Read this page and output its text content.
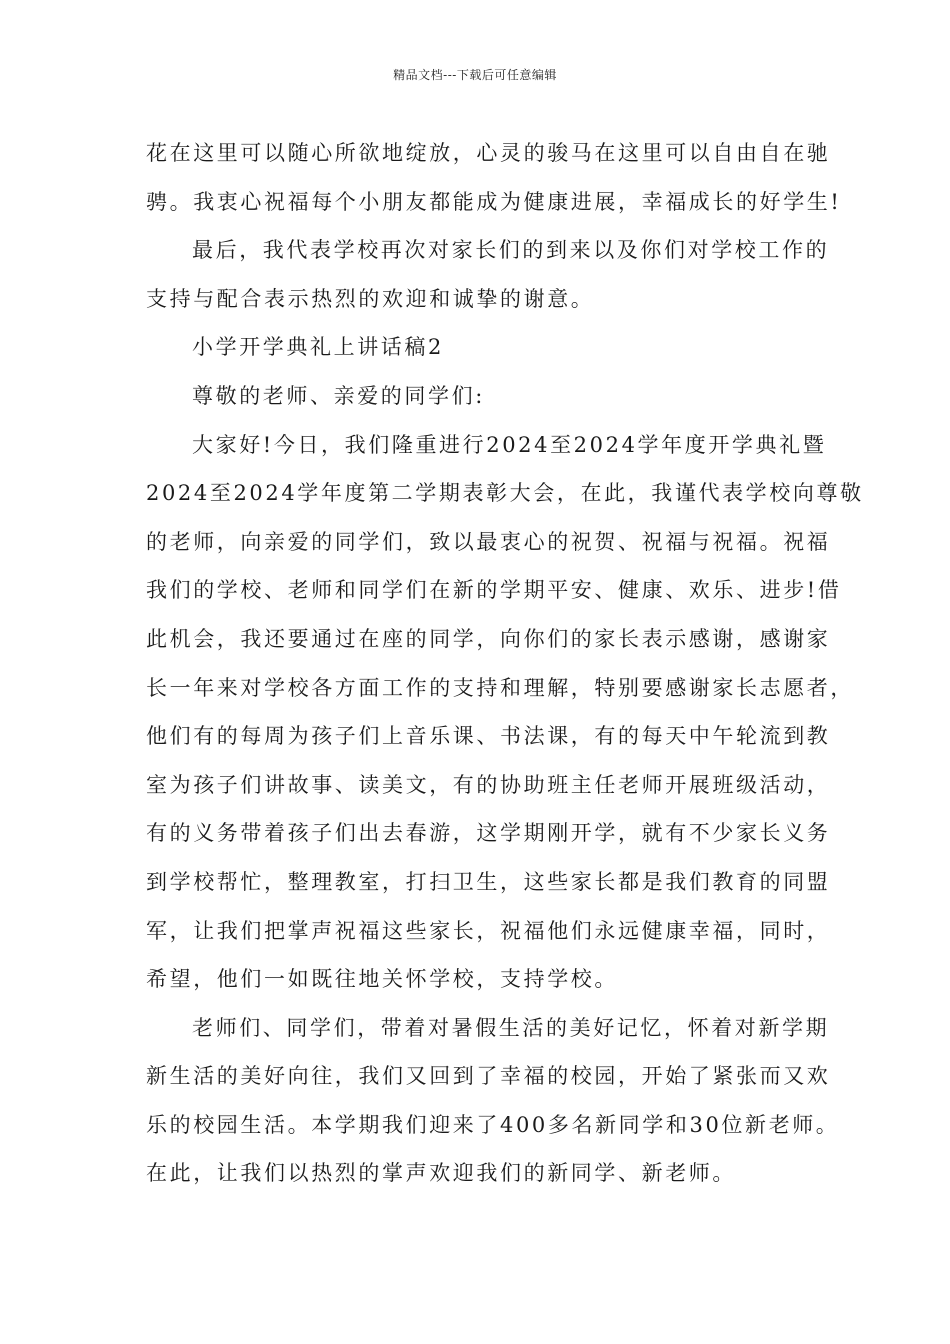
精品文档---下载后可任意编辑
花在这里可以随心所欲地绽放，心灵的骏马在这里可以自由自在驰
骋。我衷心祝福每个小朋友都能成为健康进展，幸福成长的好学生!
最后，我代表学校再次对家长们的到来以及你们对学校工作的
支持与配合表示热烈的欢迎和诚挚的谢意。
小学开学典礼上讲话稿2
尊敬的老师、亲爱的同学们:
大家好!今日，我们隆重进行2024至2024学年度开学典礼暨
2024至2024学年度第二学期表彰大会，在此，我谨代表学校向尊敬
的老师，向亲爱的同学们，致以最衷心的祝贺、祝福与祝福。祝福
我们的学校、老师和同学们在新的学期平安、健康、欢乐、进步!借
此机会，我还要通过在座的同学，向你们的家长表示感谢，感谢家
长一年来对学校各方面工作的支持和理解，特别要感谢家长志愿者，
他们有的每周为孩子们上音乐课、书法课，有的每天中午轮流到教
室为孩子们讲故事、读美文，有的协助班主任老师开展班级活动，
有的义务带着孩子们出去春游，这学期刚开学，就有不少家长义务
到学校帮忙，整理教室，打扫卫生，这些家长都是我们教育的同盟
军，让我们把掌声祝福这些家长，祝福他们永远健康幸福，同时，
希望，他们一如既往地关怀学校，支持学校。
老师们、同学们，带着对暑假生活的美好记忆，怀着对新学期
新生活的美好向往，我们又回到了幸福的校园，开始了紧张而又欢
乐的校园生活。本学期我们迎来了400多名新同学和30位新老师。
在此，让我们以热烈的掌声欢迎我们的新同学、新老师。
